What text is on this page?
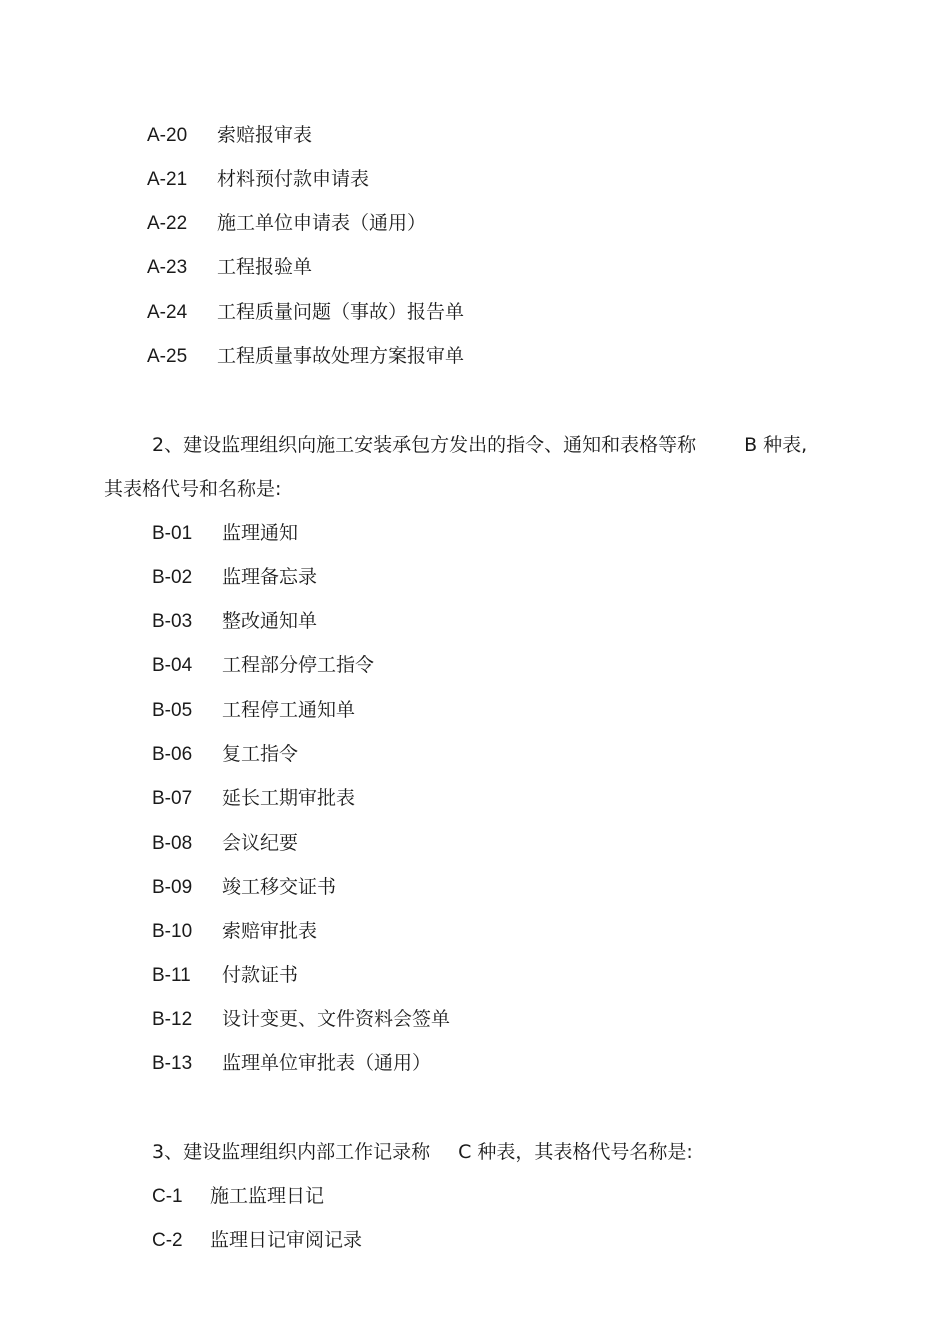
A-20 索赔报审表
A-21 材料预付款申请表
A-22 施工单位申请表（通用）
A-23 工程报验单
A-24 工程质量问题（事故）报告单
A-25 工程质量事故处理方案报审单
2、建设监理组织向施工安装承包方发出的指令、通知和表格等称	B 种表,
其表格代号和名称是:
B-01 监理通知
B-02 监理备忘录
B-03 整改通知单
B-04 工程部分停工指令
B-05 工程停工通知单
B-06 复工指令
B-07 延长工期审批表
B-08 会议纪要
B-09 竣工移交证书
B-10 索赔审批表
B-11 付款证书
B-12 设计变更、文件资料会签单
B-13 监理单位审批表（通用）
3、建设监理组织内部工作记录称 C 种表，其表格代号名称是:
C-1 施工监理日记
C-2 监理日记审阅记录
